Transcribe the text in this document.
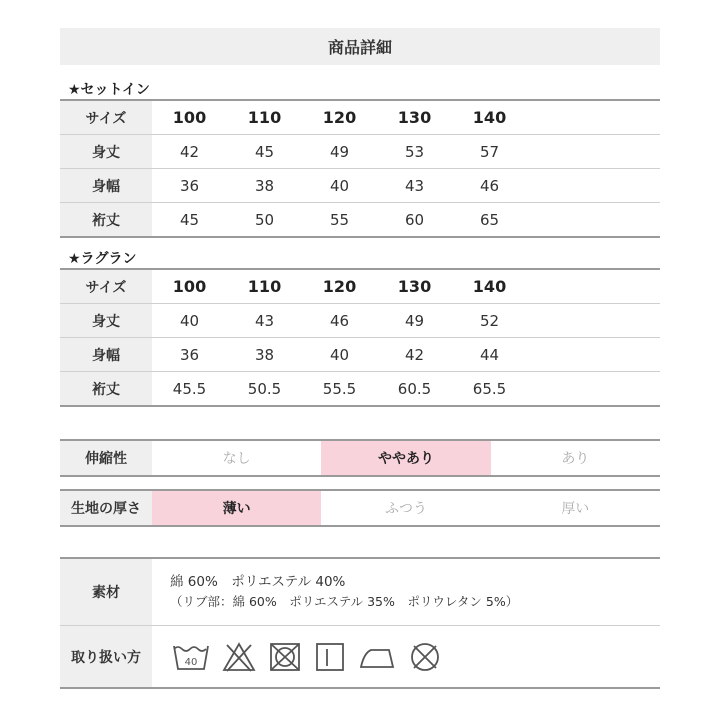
商品詳細
★セットイン
サイズ	100	110	120	130	140	
身丈	42	45	49	53	57	
身幅	36	38	40	43	46	
裄丈	45	50	55	60	65	
★ラグラン
サイズ	100	110	120	130	140	
身丈	40	43	46	49	52	
身幅	36	38	40	42	44	
裄丈	45.5	50.5	55.5	60.5	65.5	
伸縮性	なし	ややあり	あり
生地の厚さ	薄い	ふつう	厚い
素材	綿 60%　ポリエステル 40%
（リブ部：綿 60%　ポリエステル 35%　ポリウレタン 5%）

取り扱い方	40
